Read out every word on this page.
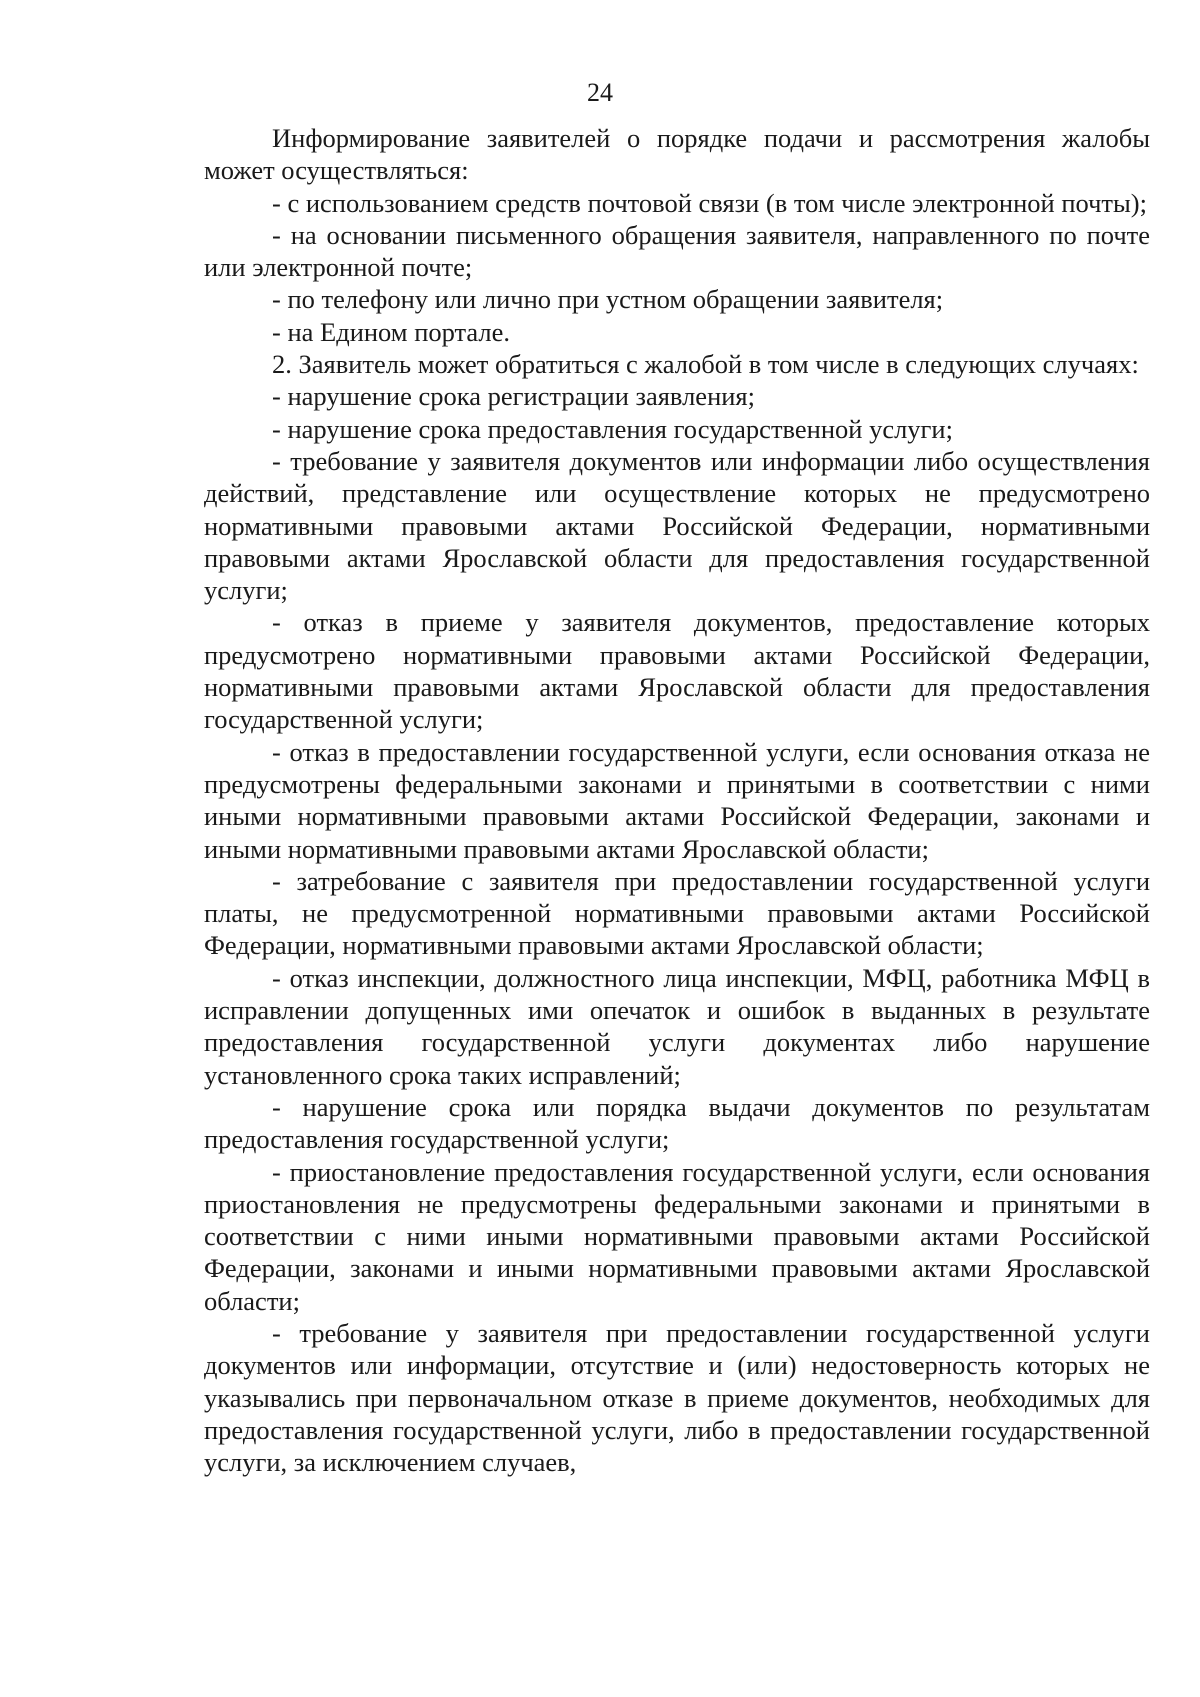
24

Информирование заявителей о порядке подачи и рассмотрения жалобы может осуществляться:

- с использованием средств почтовой связи (в том числе электронной почты);

- на основании письменного обращения заявителя, направленного по почте или электронной почте;

- по телефону или лично при устном обращении заявителя;

- на Едином портале.

2. Заявитель может обратиться с жалобой в том числе в следующих случаях:

- нарушение срока регистрации заявления;

- нарушение срока предоставления государственной услуги;

- требование у заявителя документов или информации либо осуществления действий, представление или осуществление которых не предусмотрено нормативными правовыми актами Российской Федерации, нормативными правовыми актами Ярославской области для предоставления государственной услуги;

- отказ в приеме у заявителя документов, предоставление которых предусмотрено нормативными правовыми актами Российской Федерации, нормативными правовыми актами Ярославской области для предоставления государственной услуги;

- отказ в предоставлении государственной услуги, если основания отказа не предусмотрены федеральными законами и принятыми в соответствии с ними иными нормативными правовыми актами Российской Федерации, законами и иными нормативными правовыми актами Ярославской области;

- затребование с заявителя при предоставлении государственной услуги платы, не предусмотренной нормативными правовыми актами Российской Федерации, нормативными правовыми актами Ярославской области;

- отказ инспекции, должностного лица инспекции, МФЦ, работника МФЦ в исправлении допущенных ими опечаток и ошибок в выданных в результате предоставления государственной услуги документах либо нарушение установленного срока таких исправлений;

- нарушение срока или порядка выдачи документов по результатам предоставления государственной услуги;

- приостановление предоставления государственной услуги, если основания приостановления не предусмотрены федеральными законами и принятыми в соответствии с ними иными нормативными правовыми актами Российской Федерации, законами и иными нормативными правовыми актами Ярославской области;

- требование у заявителя при предоставлении государственной услуги документов или информации, отсутствие и (или) недостоверность которых не указывались при первоначальном отказе в приеме документов, необходимых для предоставления государственной услуги, либо в предоставлении государственной услуги, за исключением случаев,
